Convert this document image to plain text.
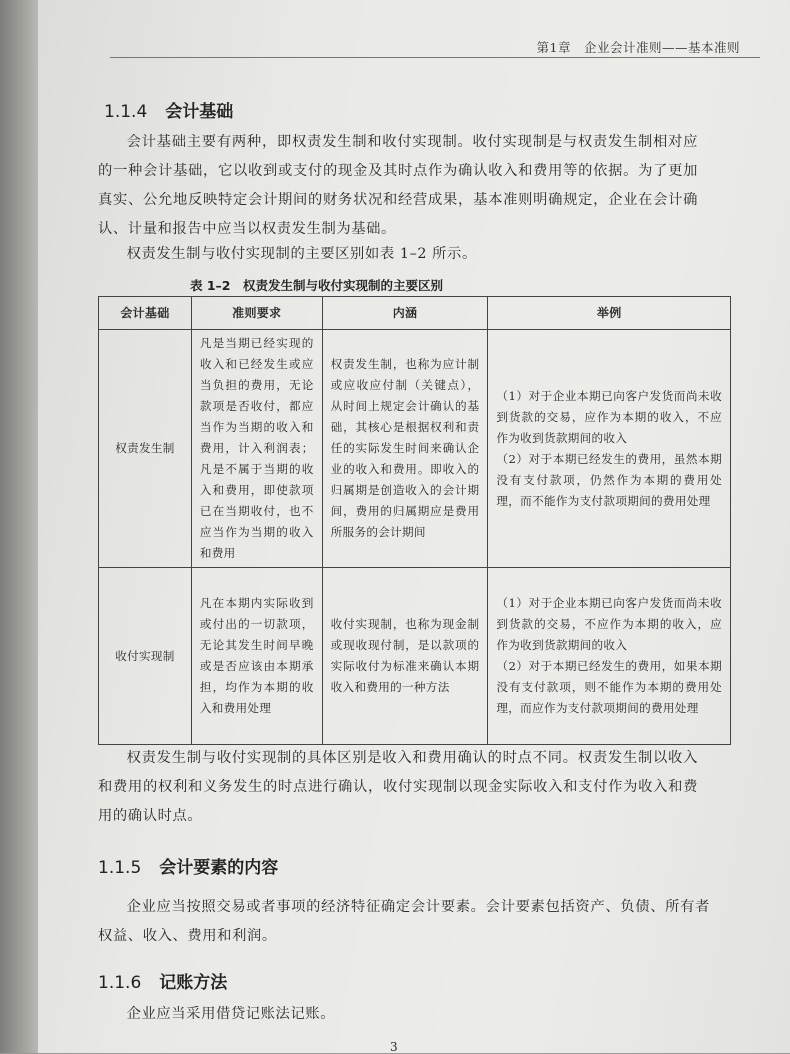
第1章　企业会计准则——基本准则
1.1.4 会计基础

会计基础主要有两种，即权责发生制和收付实现制。收付实现制是与权责发生制相对应的一种会计基础，它以收到或支付的现金及其时点作为确认收入和费用等的依据。为了更加真实、公允地反映特定会计期间的财务状况和经营成果，基本准则明确规定，企业在会计确认、计量和报告中应当以权责发生制为基础。

权责发生制与收付实现制的主要区别如表 1–2 所示。

表 1–2　权责发生制与收付实现制的主要区别
会计基础	准则要求	内涵	举例
权责发生制	凡是当期已经实现的收入和已经发生或应当负担的费用，无论款项是否收付，都应当作为当期的收入和费用，计入利润表；凡是不属于当期的收入和费用，即使款项已在当期收付，也不应当作为当期的收入和费用	权责发生制，也称为应计制或应收应付制（关键点），从时间上规定会计确认的基础，其核心是根据权利和责任的实际发生时间来确认企业的收入和费用。即收入的归属期是创造收入的会计期间，费用的归属期应是费用所服务的会计期间	（1）对于企业本期已向客户发货而尚未收到货款的交易，应作为本期的收入，不应作为收到货款期间的收入
（2）对于本期已经发生的费用，虽然本期没有支付款项，仍然作为本期的费用处理，而不能作为支付款项期间的费用处理

收付实现制	凡在本期内实际收到或付出的一切款项，无论其发生时间早晚或是否应该由本期承担，均作为本期的收入和费用处理	收付实现制，也称为现金制或现收现付制，是以款项的实际收付为标准来确认本期收入和费用的一种方法	（1）对于企业本期已向客户发货而尚未收到货款的交易，不应作为本期的收入，应作为收到货款期间的收入
（2）对于本期已经发生的费用，如果本期没有支付款项，则不能作为本期的费用处理，而应作为支付款项期间的费用处理

权责发生制与收付实现制的具体区别是收入和费用确认的时点不同。权责发生制以收入和费用的权利和义务发生的时点进行确认，收付实现制以现金实际收入和支付作为收入和费用的确认时点。

1.1.5 会计要素的内容

企业应当按照交易或者事项的经济特征确定会计要素。会计要素包括资产、负债、所有者权益、收入、费用和利润。

1.1.6 记账方法

企业应当采用借贷记账法记账。

3
